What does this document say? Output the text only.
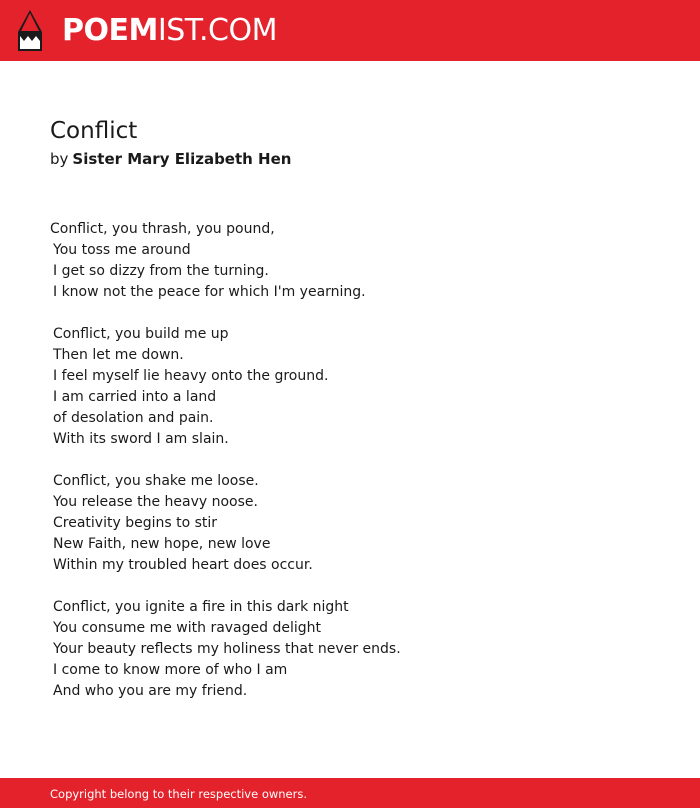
POEMIST.COM
Conflict
by Sister Mary Elizabeth Hen
Conflict, you thrash, you pound,
You toss me around
I get so dizzy from the turning.
I know not the peace for which I'm yearning.
Conflict, you build me up
Then let me down.
I feel myself lie heavy onto the ground.
I am carried into a land
of desolation and pain.
With its sword I am slain.
Conflict, you shake me loose.
You release the heavy noose.
Creativity begins to stir
New Faith, new hope, new love
Within my troubled heart does occur.
Conflict, you ignite a fire in this dark night
You consume me with ravaged delight
Your beauty reflects my holiness that never ends.
I come to know more of who I am
And who you are my friend.
Copyright belong to their respective owners.
